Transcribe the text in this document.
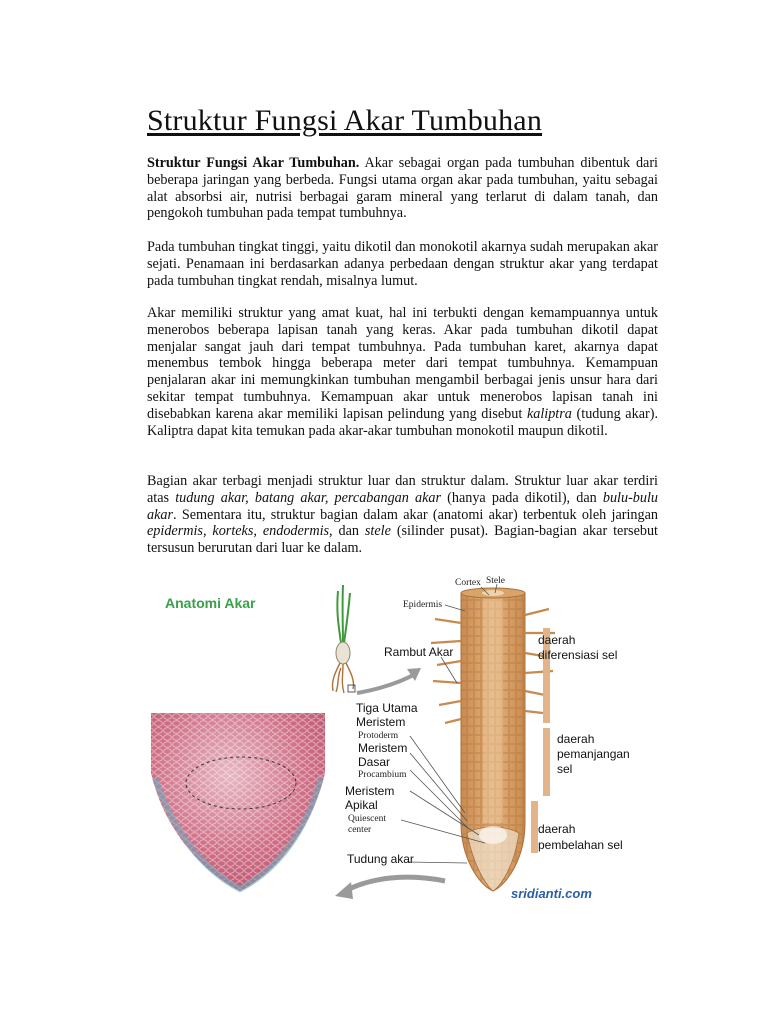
Struktur Fungsi Akar Tumbuhan

Struktur Fungsi Akar Tumbuhan. Akar sebagai organ pada tumbuhan dibentuk dari beberapa jaringan yang berbeda. Fungsi utama organ akar pada tumbuhan, yaitu sebagai alat absorbsi air, nutrisi berbagai garam mineral yang terlarut di dalam tanah, dan pengokoh tumbuhan pada tempat tumbuhnya.

Pada tumbuhan tingkat tinggi, yaitu dikotil dan monokotil akarnya sudah merupakan akar sejati. Penamaan ini berdasarkan adanya perbedaan dengan struktur akar yang terdapat pada tumbuhan tingkat rendah, misalnya lumut.

Akar memiliki struktur yang amat kuat, hal ini terbukti dengan kemampuannya untuk menerobos beberapa lapisan tanah yang keras. Akar pada tumbuhan dikotil dapat menjalar sangat jauh dari tempat tumbuhnya. Pada tumbuhan karet, akarnya dapat menembus tembok hingga beberapa meter dari tempat tumbuhnya. Kemampuan penjalaran akar ini memungkinkan tumbuhan mengambil berbagai jenis unsur hara dari sekitar tempat tumbuhnya. Kemampuan akar untuk menerobos lapisan tanah ini disebabkan karena akar memiliki lapisan pelindung yang disebut kaliptra (tudung akar). Kaliptra dapat kita temukan pada akar-akar tumbuhan monokotil maupun dikotil.

Bagian akar terbagi menjadi struktur luar dan struktur dalam. Struktur luar akar terdiri atas tudung akar, batang akar, percabangan akar (hanya pada dikotil), dan bulu-bulu akar. Sementara itu, struktur bagian dalam akar (anatomi akar) terbentuk oleh jaringan epidermis, korteks, endodermis, dan stele (silinder pusat). Bagian-bagian akar tersebut tersusun berurutan dari luar ke dalam.

Anatomi Akar
Cortex Stele
Epidermis
Rambut Akar
Tiga Utama
Meristem
Protoderm
Meristem
Dasar
Procambium
Meristem
Apikal
Quiescent
center
Tudung akar
daerah
diferensiasi sel
daerah
pemanjangan
sel
daerah
pembelahan sel
sridianti.com
